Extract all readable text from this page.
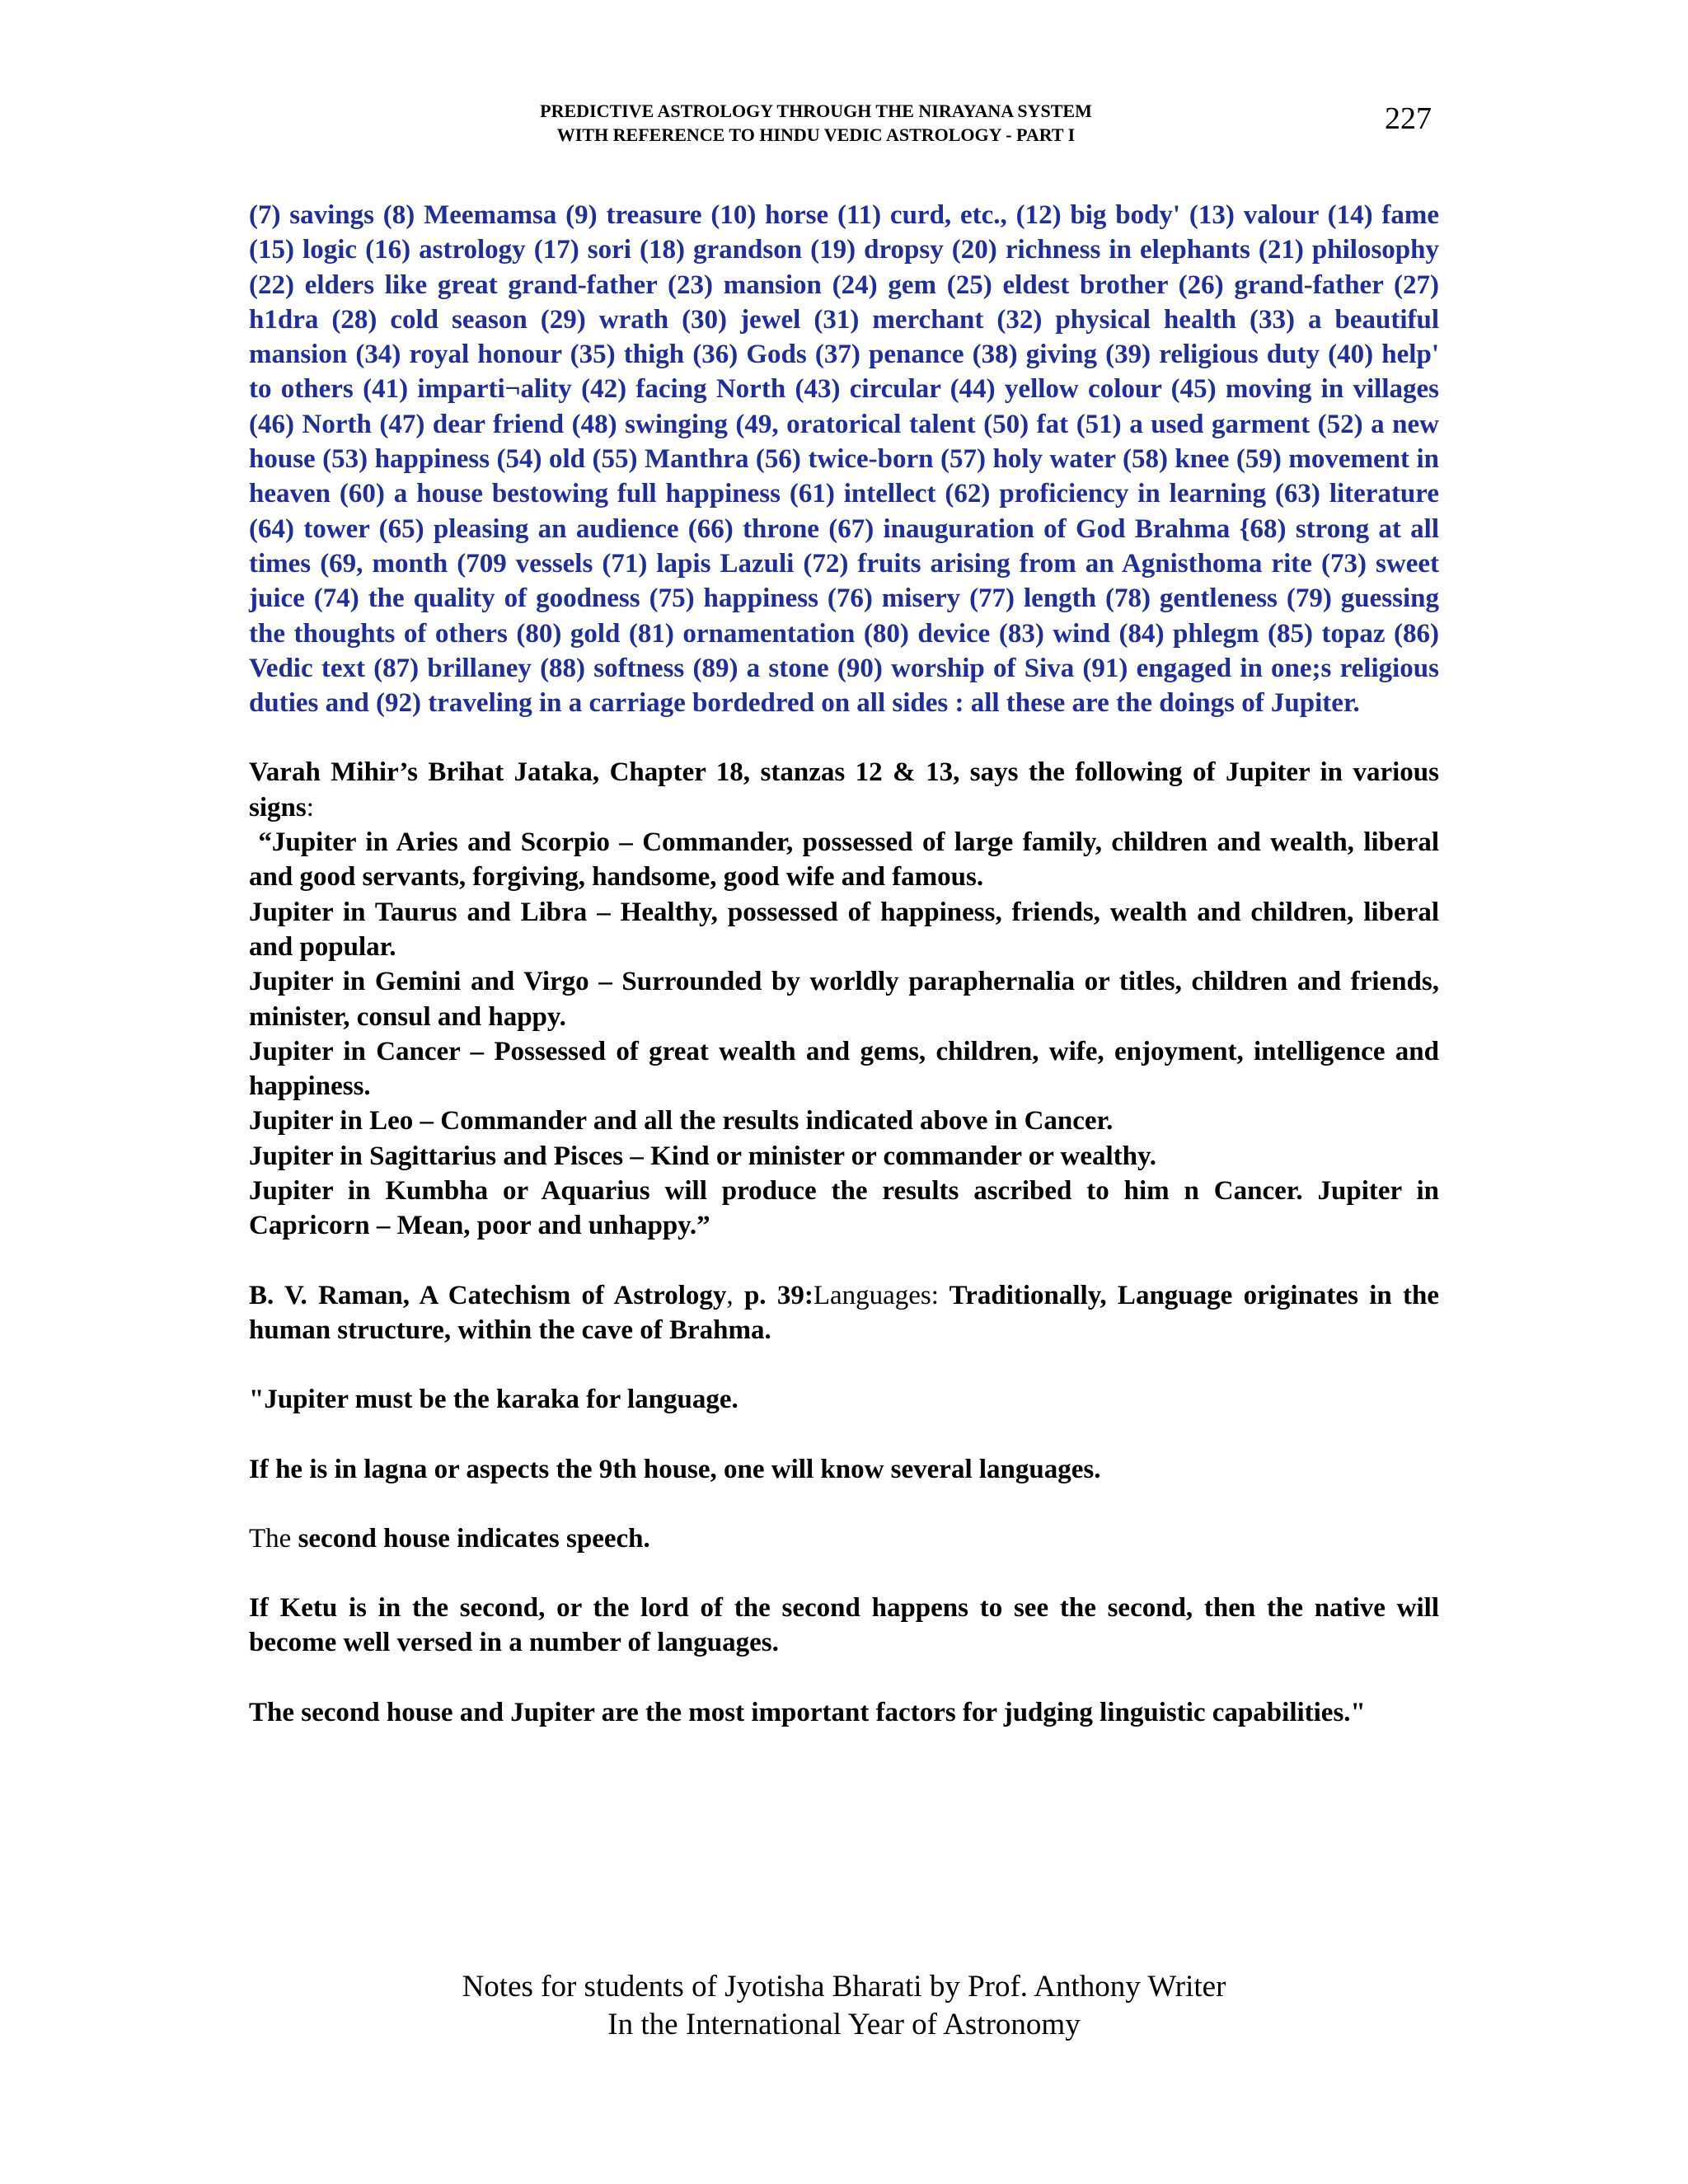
PREDICTIVE ASTROLOGY THROUGH THE NIRAYANA SYSTEM
WITH REFERENCE TO HINDU VEDIC ASTROLOGY - PART I	227

(7) savings (8) Meemamsa (9) treasure (10) horse (11) curd, etc., (12) big body' (13) valour (14) fame (15) logic (16) astrology (17) sori (18) grandson (19) dropsy (20) richness in elephants (21) philosophy (22) elders like great grand-father (23) mansion (24) gem (25) eldest brother (26) grand-father (27) h1dra (28) cold season (29) wrath (30) jewel (31) merchant (32) physical health (33) a beautiful mansion (34) royal honour (35) thigh (36) Gods (37) penance (38) giving (39) religious duty (40) help' to others (41) imparti¬ality (42) facing North (43) circular (44) yellow colour (45) moving in villages (46) North (47) dear friend (48) swinging (49, oratorical talent (50) fat (51) a used garment (52) a new house (53) happiness (54) old (55) Manthra (56) twice-born (57) holy water (58) knee (59) movement in heaven (60) a house bestowing full happiness (61) intellect (62) proficiency in learning (63) literature (64) tower (65) pleasing an audience (66) throne (67) inauguration of God Brahma {68) strong at all times (69, month (709 vessels (71) lapis Lazuli (72) fruits arising from an Agnisthoma rite (73) sweet juice (74) the quality of goodness (75) happiness (76) misery (77) length (78) gentleness (79) guessing the thoughts of others (80) gold (81) ornamentation (80) device (83) wind (84) phlegm (85) topaz (86) Vedic text (87) brillaney (88) softness (89) a stone (90) worship of Siva (91) engaged in one;s religious duties and (92) traveling in a carriage bordedred on all sides : all these are the doings of Jupiter.

Varah Mihir’s Brihat Jataka, Chapter 18, stanzas 12 & 13, says the following of Jupiter in various signs:

“Jupiter in Aries and Scorpio – Commander, possessed of large family, children and wealth, liberal and good servants, forgiving, handsome, good wife and famous.

Jupiter in Taurus and Libra – Healthy, possessed of happiness, friends, wealth and children, liberal and popular.

Jupiter in Gemini and Virgo – Surrounded by worldly paraphernalia or titles, children and friends, minister, consul and happy.

Jupiter in Cancer – Possessed of great wealth and gems, children, wife, enjoyment, intelligence and happiness.

Jupiter in Leo – Commander and all the results indicated above in Cancer.

Jupiter in Sagittarius and Pisces – Kind or minister or commander or wealthy.

Jupiter in Kumbha or Aquarius will produce the results ascribed to him n Cancer. Jupiter in Capricorn – Mean, poor and unhappy.”

B. V. Raman, A Catechism of Astrology, p. 39:Languages: Traditionally, Language originates in the human structure, within the cave of Brahma.

"Jupiter must be the karaka for language.

If he is in lagna or aspects the 9th house, one will know several languages.

The second house indicates speech.

If Ketu is in the second, or the lord of the second happens to see the second, then the native will become well versed in a number of languages.

The second house and Jupiter are the most important factors for judging linguistic capabilities."

Notes for students of Jyotisha Bharati by Prof. Anthony Writer
In the International Year of Astronomy
